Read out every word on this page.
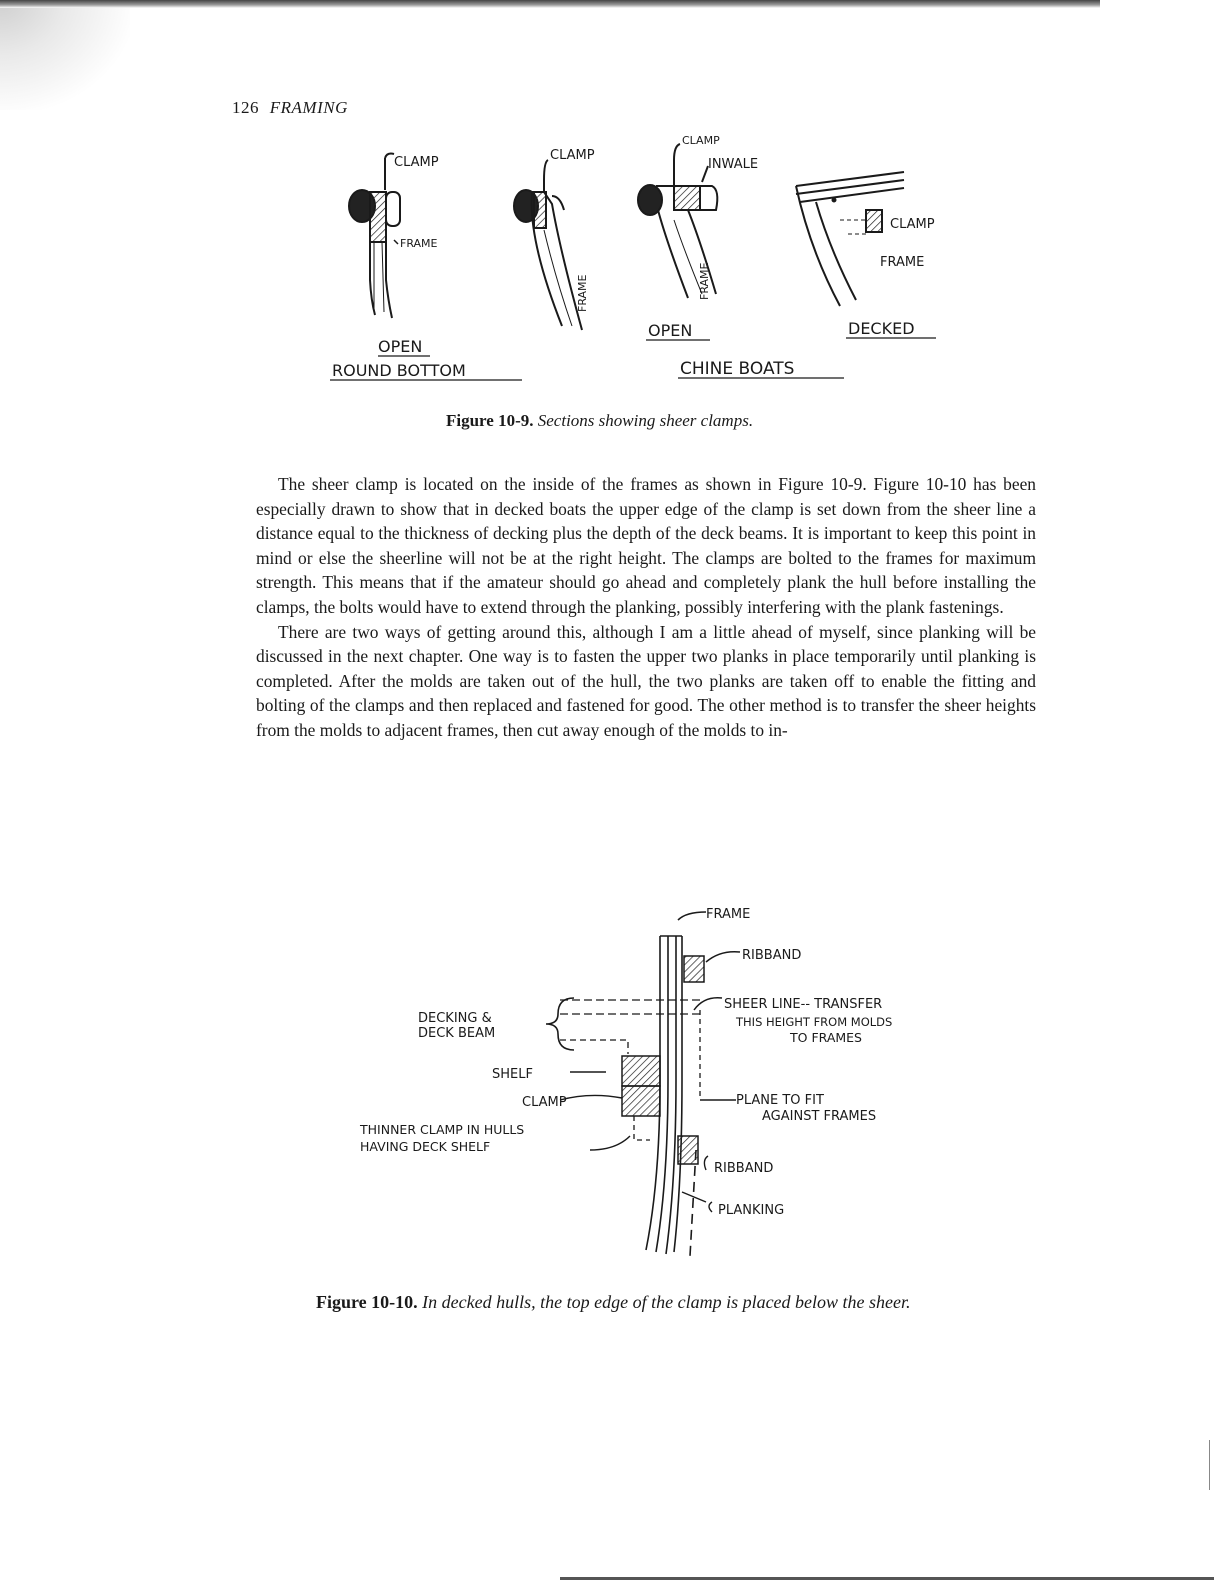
126 FRAMING
CLAMP
FRAME
CLAMP
FRAME
CLAMP
INWALE
FRAME
CLAMP
FRAME
OPEN
ROUND BOTTOM
OPEN	DECKED
CHINE BOATS
Figure 10-9. Sections showing sheer clamps.

The sheer clamp is located on the inside of the frames as shown in Figure 10-9. Figure 10-10 has been especially drawn to show that in decked boats the upper edge of the clamp is set down from the sheer line a distance equal to the thickness of decking plus the depth of the deck beams. It is important to keep this point in mind or else the sheerline will not be at the right height. The clamps are bolted to the frames for maximum strength. This means that if the amateur should go ahead and completely plank the hull before installing the clamps, the bolts would have to extend through the planking, possibly interfering with the plank fastenings.

There are two ways of getting around this, although I am a little ahead of myself, since planking will be discussed in the next chapter. One way is to fasten the upper two planks in place temporarily until planking is completed. After the molds are taken out of the hull, the two planks are taken off to enable the fitting and bolting of the clamps and then replaced and fastened for good. The other method is to transfer the sheer heights from the molds to adjacent frames, then cut away enough of the molds to in-

FRAME
RIBBAND
SHEER LINE-- TRANSFER
THIS HEIGHT FROM MOLDS
TO FRAMES
DECKING &
DECK BEAM
SHELF
CLAMP	PLANE TO FIT
AGAINST FRAMES
THINNER CLAMP IN HULLS
HAVING DECK SHELF
RIBBAND
PLANKING
Figure 10-10. In decked hulls, the top edge of the clamp is placed below the sheer.
